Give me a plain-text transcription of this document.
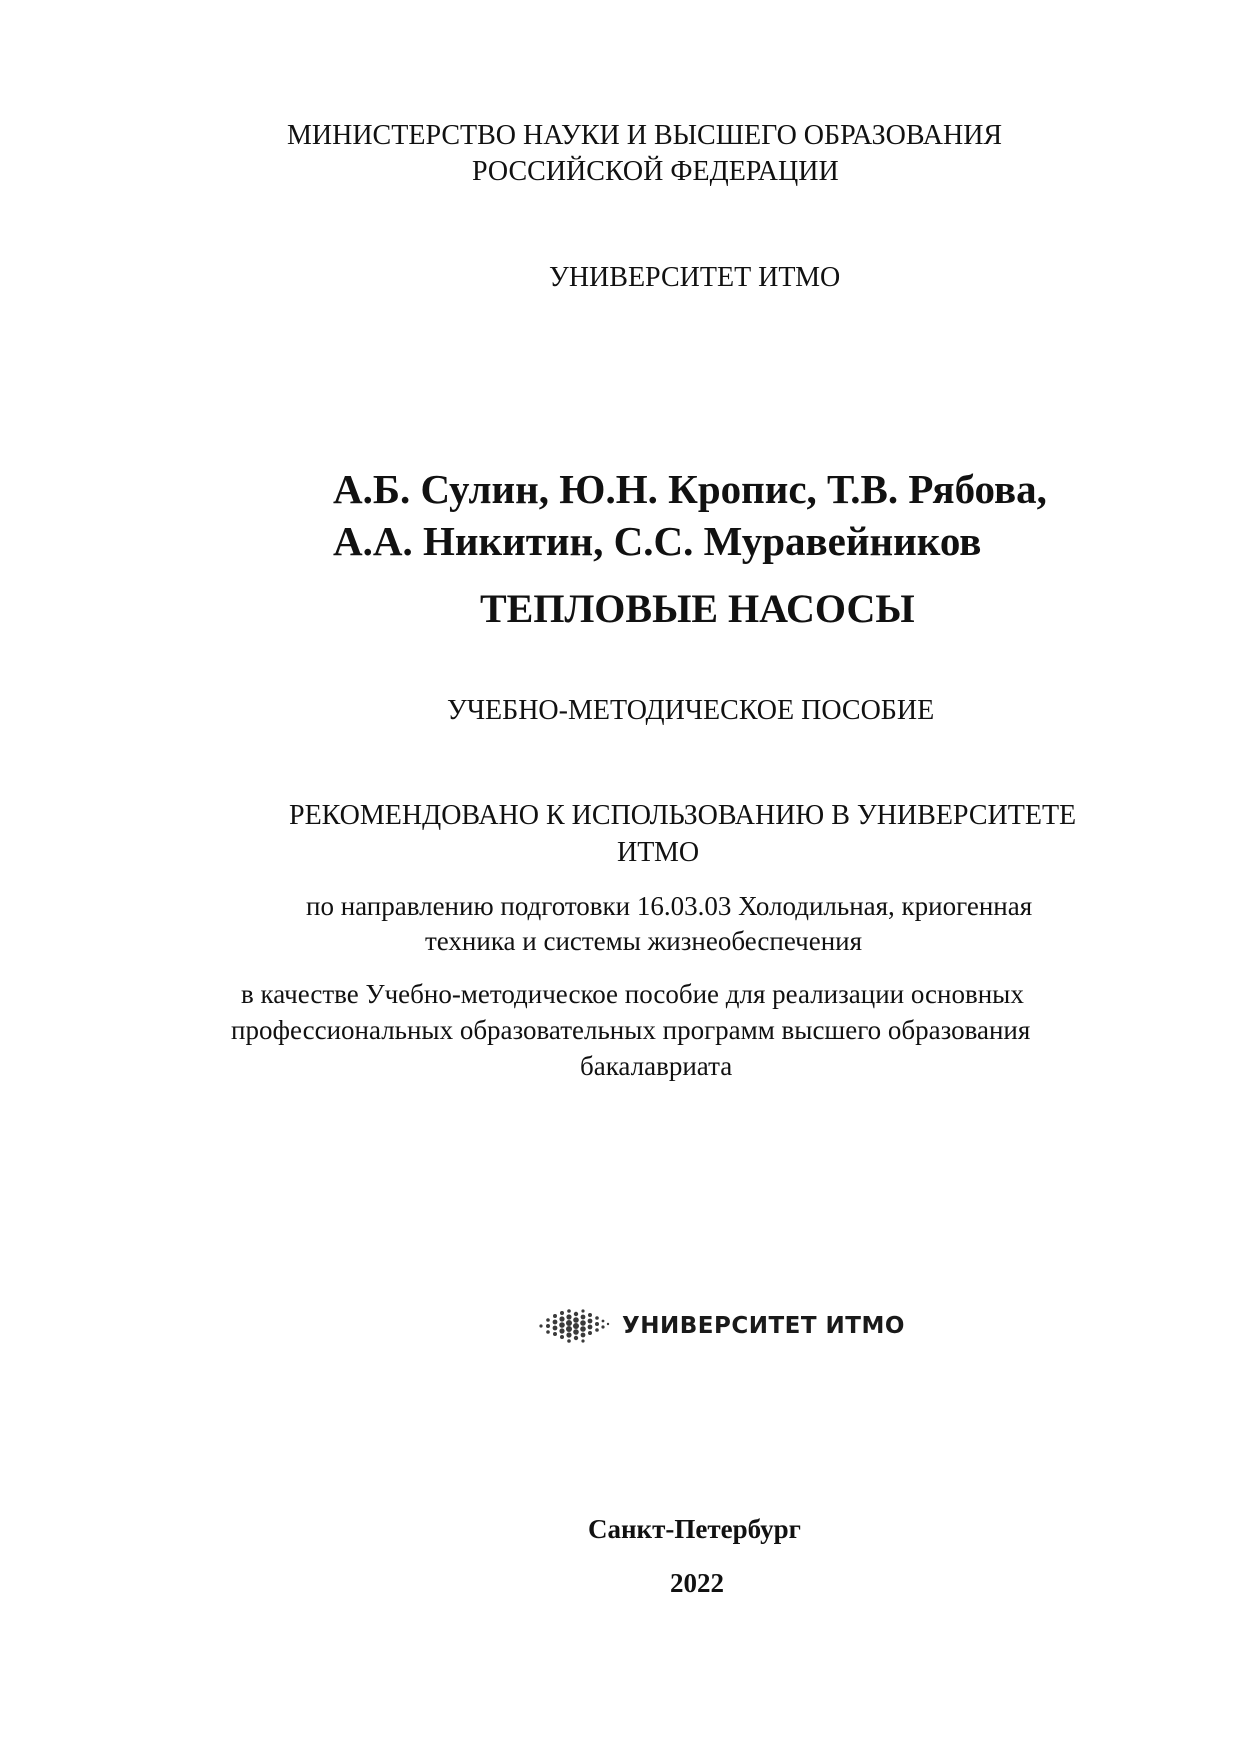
МИНИСТЕРСТВО НАУКИ И ВЫСШЕГО ОБРАЗОВАНИЯ
РОССИЙСКОЙ ФЕДЕРАЦИИ
УНИВЕРСИТЕТ ИТМО
А.Б. Сулин, Ю.Н. Кропис, Т.В. Рябова,
А.А. Никитин, С.С. Муравейников
ТЕПЛОВЫЕ НАСОСЫ
УЧЕБНО-МЕТОДИЧЕСКОЕ ПОСОБИЕ
РЕКОМЕНДОВАНО К ИСПОЛЬЗОВАНИЮ В УНИВЕРСИТЕТЕ
ИТМО
по направлению подготовки 16.03.03 Холодильная, криогенная
техника и системы жизнеобеспечения
в качестве Учебно-методическое пособие для реализации основных
профессиональных образовательных программ высшего образования
бакалавриата
УНИВЕРСИТЕТ ИТМО
Санкт-Петербург
2022
